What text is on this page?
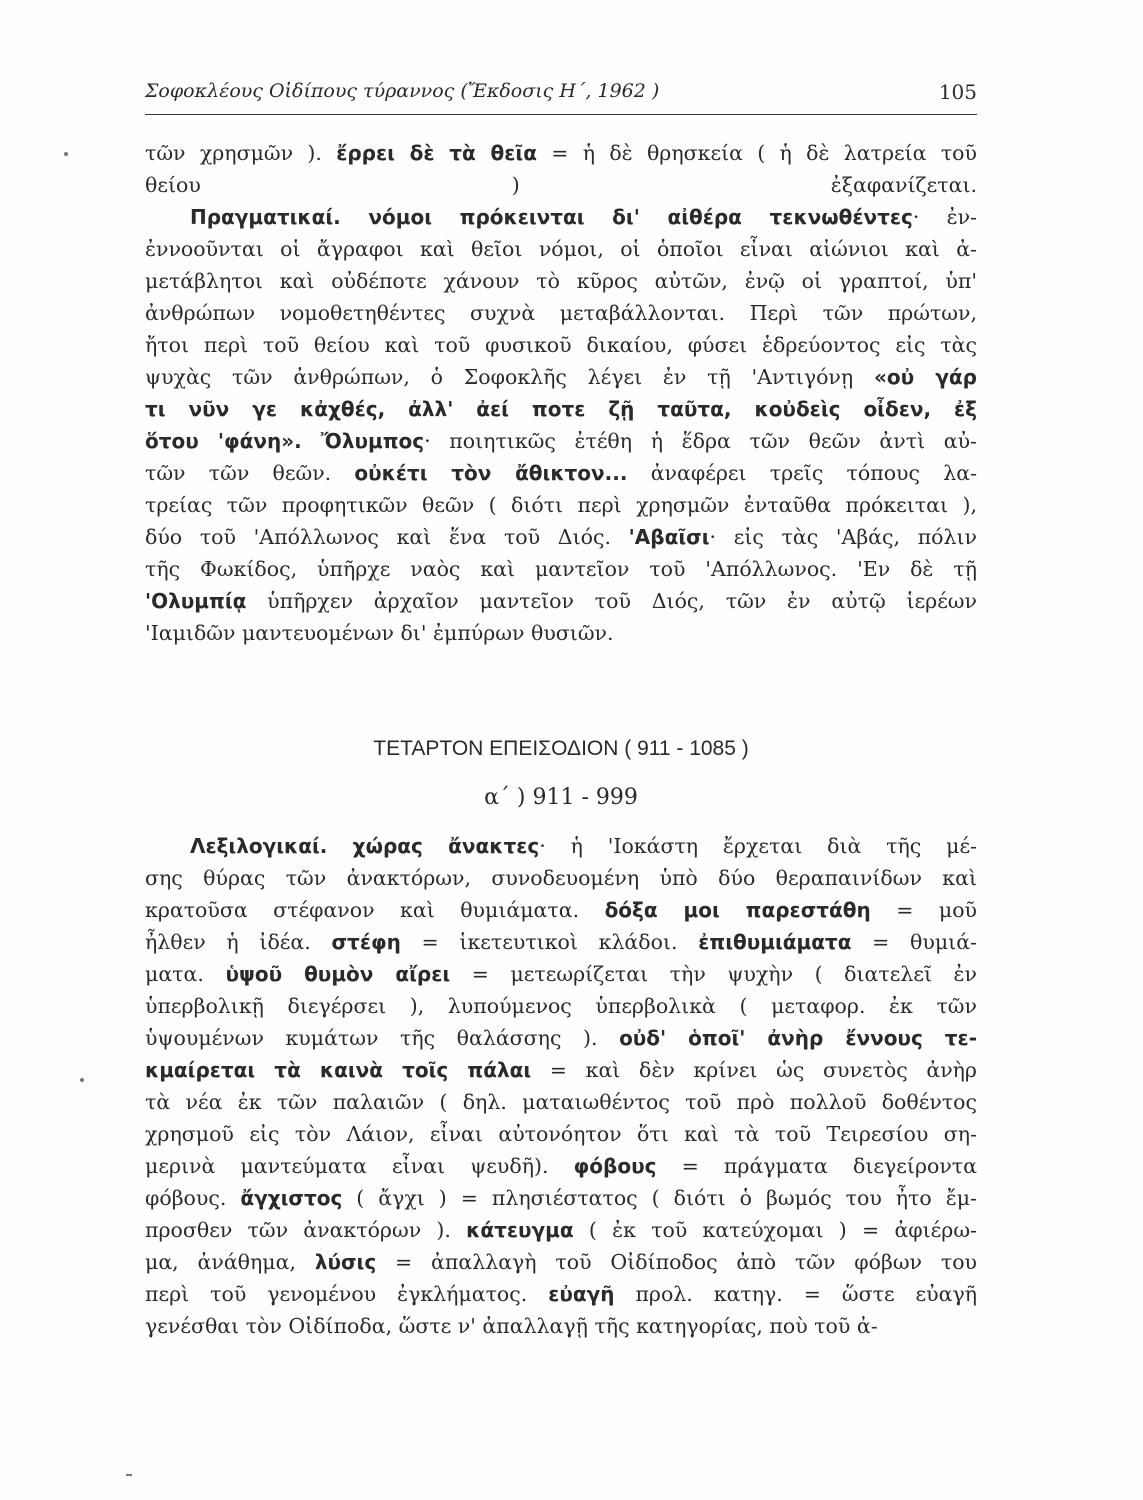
Σοφοκλέους Οἰδίπους τύραννος (Ἔκδοσις Η΄, 1962 )	105
τῶν χρησμῶν ). ἔρρει δὲ τὰ θεῖα = ἡ δὲ θρησκεία ( ἡ δὲ λατρεία τοῦ
θείου ) ἐξαφανίζεται.
Πραγματικαί. νόμοι πρόκεινται δι' αἰθέρα τεκνωθέντες· ἐν-
ἐννοοῦνται οἱ ἄγραφοι καὶ θεῖοι νόμοι, οἱ ὁποῖοι εἶναι αἰώνιοι καὶ ἀ-
μετάβλητοι καὶ οὐδέποτε χάνουν τὸ κῦρος αὐτῶν, ἐνῷ οἱ γραπτοί, ὑπ'
ἀνθρώπων νομοθετηθέντες συχνὰ μεταβάλλονται. Περὶ τῶν πρώτων,
ἤτοι περὶ τοῦ θείου καὶ τοῦ φυσικοῦ δικαίου, φύσει ἑδρεύοντος εἰς τὰς
ψυχὰς τῶν ἀνθρώπων, ὁ Σοφοκλῆς λέγει ἐν τῇ 'Αντιγόνῃ «οὐ γάρ
τι νῦν γε κἀχθές, ἀλλ' ἀεί ποτε ζῇ ταῦτα, κοὐδεὶς οἶδεν, ἐξ
ὅτου 'φάνη». Ὄλυμπος· ποιητικῶς ἐτέθη ἡ ἕδρα τῶν θεῶν ἀντὶ αὐ-
τῶν τῶν θεῶν. οὐκέτι τὸν ἄθικτον... ἀναφέρει τρεῖς τόπους λα-
τρείας τῶν προφητικῶν θεῶν ( διότι περὶ χρησμῶν ἐνταῦθα πρόκειται ),
δύο τοῦ 'Απόλλωνος καὶ ἕνα τοῦ Διός. 'Αβαῖσι· εἰς τὰς 'Αβάς, πόλιν
τῆς Φωκίδος, ὑπῆρχε ναὸς καὶ μαντεῖον τοῦ 'Απόλλωνος. 'Εν δὲ τῇ
'Ολυμπίᾳ ὑπῆρχεν ἀρχαῖον μαντεῖον τοῦ Διός, τῶν ἐν αὐτῷ ἱερέων
'Ιαμιδῶν μαντευομένων δι' ἐμπύρων θυσιῶν.
ΤΕΤΑΡΤΟΝ ΕΠΕΙΣΟΔΙΟΝ ( 911 - 1085 )
α΄ ) 911 - 999
Λεξιλογικαί. χώρας ἄνακτες· ἡ 'Ιοκάστη ἔρχεται διὰ τῆς μέ-
σης θύρας τῶν ἀνακτόρων, συνοδευομένη ὑπὸ δύο θεραπαινίδων καὶ
κρατοῦσα στέφανον καὶ θυμιάματα. δόξα μοι παρεστάθη = μοῦ
ἦλθεν ἡ ἰδέα. στέφη = ἱκετευτικοὶ κλάδοι. ἐπιθυμιάματα = θυμιά-
ματα. ὑψοῦ θυμὸν αἴρει = μετεωρίζεται τὴν ψυχὴν ( διατελεῖ ἐν
ὑπερβολικῇ διεγέρσει ), λυπούμενος ὑπερβολικὰ ( μεταφορ. ἐκ τῶν
ὑψουμένων κυμάτων τῆς θαλάσσης ). οὐδ' ὁποῖ' ἀνὴρ ἔννους τε-
κμαίρεται τὰ καινὰ τοῖς πάλαι = καὶ δὲν κρίνει ὡς συνετὸς ἀνὴρ
τὰ νέα ἐκ τῶν παλαιῶν ( δηλ. ματαιωθέντος τοῦ πρὸ πολλοῦ δοθέντος
χρησμοῦ εἰς τὸν Λάιον, εἶναι αὐτονόητον ὅτι καὶ τὰ τοῦ Τειρεσίου ση-
μερινὰ μαντεύματα εἶναι ψευδῆ). φόβους = πράγματα διεγείροντα
φόβους. ἄγχιστος ( ἄγχι ) = πλησιέστατος ( διότι ὁ βωμός του ἦτο ἔμ-
προσθεν τῶν ἀνακτόρων ). κάτευγμα ( ἐκ τοῦ κατεύχομαι ) = ἀφιέρω-
μα, ἀνάθημα, λύσις = ἀπαλλαγὴ τοῦ Οἰδίποδος ἀπὸ τῶν φόβων του
περὶ τοῦ γενομένου ἐγκλήματος. εὐαγῆ προλ. κατηγ. = ὥστε εὐαγῆ
γενέσθαι τὸν Οἰδίποδα, ὥστε ν' ἀπαλλαγῇ τῆς κατηγορίας, ποὺ τοῦ ἀ-
